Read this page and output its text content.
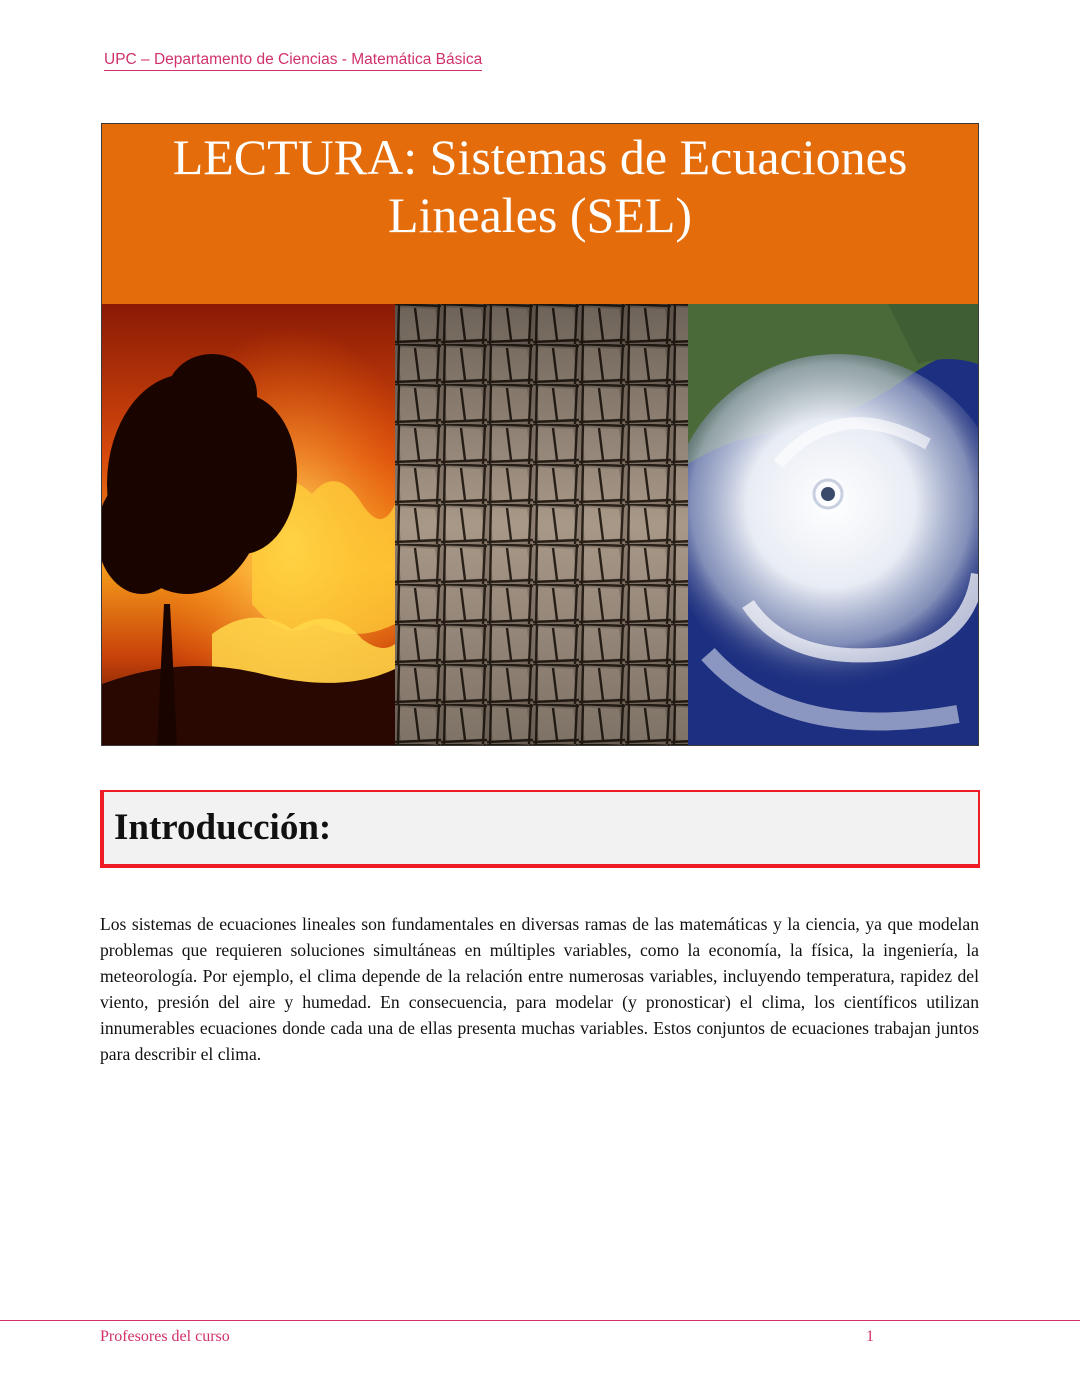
UPC – Departamento de Ciencias - Matemática Básica
LECTURA: Sistemas de Ecuaciones Lineales (SEL)
Introducción:

Los sistemas de ecuaciones lineales son fundamentales en diversas ramas de las matemáticas y la ciencia, ya que modelan problemas que requieren soluciones simultáneas en múltiples variables, como la economía, la física, la ingeniería, la meteorología. Por ejemplo, el clima depende de la relación entre numerosas variables, incluyendo temperatura, rapidez del viento, presión del aire y humedad. En consecuencia, para modelar (y pronosticar) el clima, los científicos utilizan innumerables ecuaciones donde cada una de ellas presenta muchas variables. Estos conjuntos de ecuaciones trabajan juntos para describir el clima.

Profesores del curso	1
